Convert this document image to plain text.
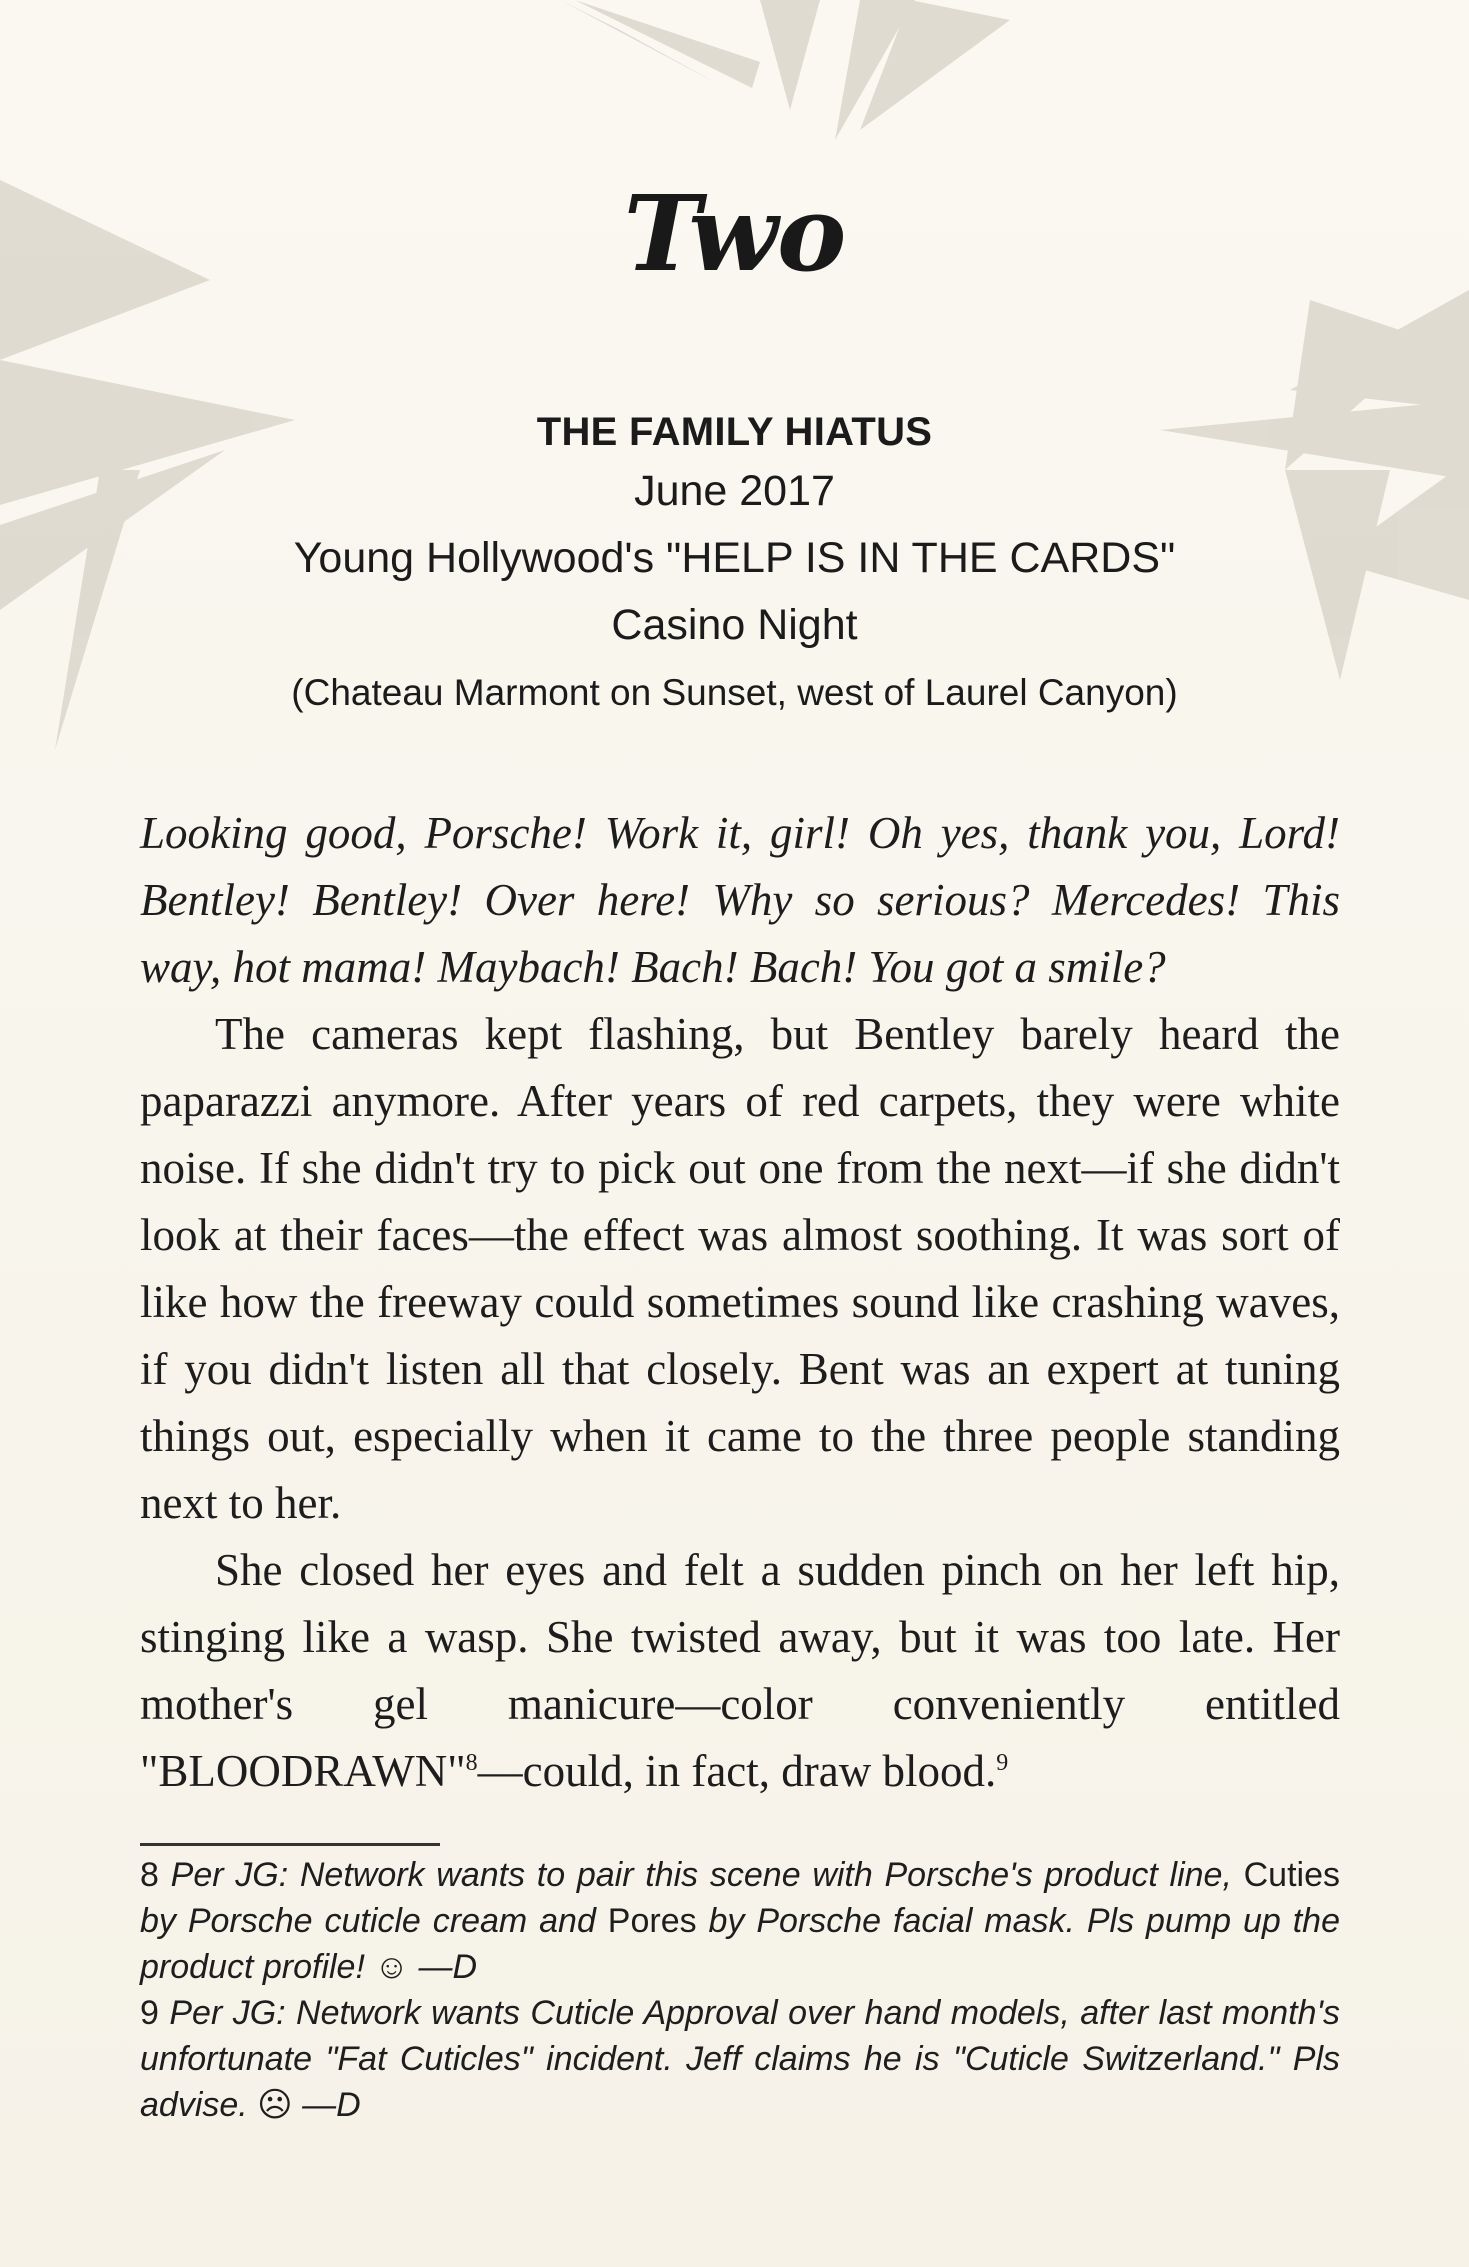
Two
THE FAMILY HIATUS
June 2017
Young Hollywood's "HELP IS IN THE CARDS"
Casino Night
(Chateau Marmont on Sunset, west of Laurel Canyon)

Looking good, Porsche! Work it, girl! Oh yes, thank you, Lord! Bentley! Bentley! Over here! Why so serious? Mercedes! This way, hot mama! Maybach! Bach! Bach! You got a smile?

The cameras kept flashing, but Bentley barely heard the paparazzi anymore. After years of red carpets, they were white noise. If she didn't try to pick out one from the next—if she didn't look at their faces—the effect was almost soothing. It was sort of like how the freeway could sometimes sound like crashing waves, if you didn't listen all that closely. Bent was an expert at tuning things out, especially when it came to the three people standing next to her.

She closed her eyes and felt a sudden pinch on her left hip, stinging like a wasp. She twisted away, but it was too late. Her mother's gel manicure—color conveniently entitled "BLOODRAWN"$^8$—could, in fact, draw blood.$^9$

8 Per JG: Network wants to pair this scene with Porsche's product line, Cuties by Porsche cuticle cream and Pores by Porsche facial mask. Pls pump up the product profile! ☺ —D

9 Per JG: Network wants Cuticle Approval over hand models, after last month's unfortunate "Fat Cuticles" incident. Jeff claims he is "Cuticle Switzerland." Pls advise. ☹ —D
